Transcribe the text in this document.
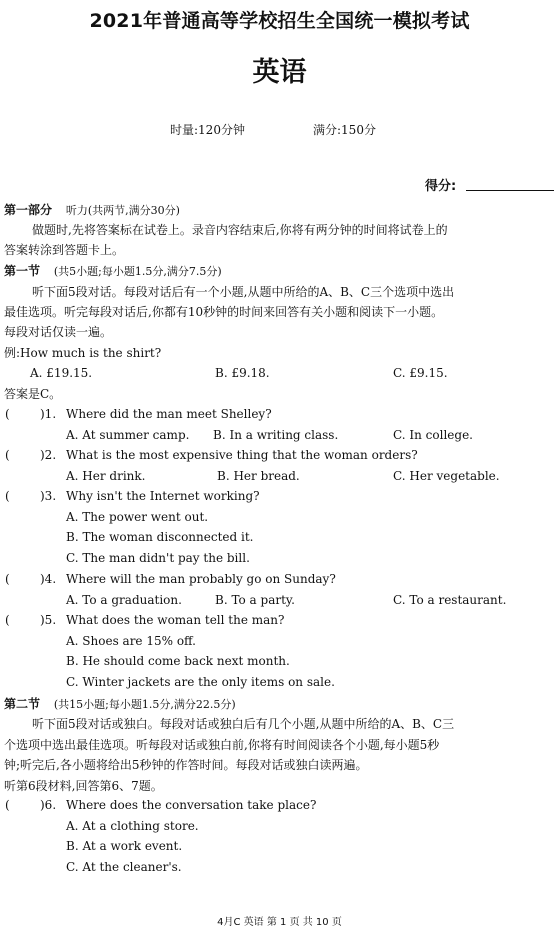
2021年普通高等学校招生全国统一模拟考试
英语
时量:120分钟	满分:150分
得分:
第一部分 听力(共两节,满分30分)
做题时,先将答案标在试卷上。录音内容结束后,你将有两分钟的时间将试卷上的
答案转涂到答题卡上。
第一节 (共5小题;每小题1.5分,满分7.5分)
听下面5段对话。每段对话后有一个小题,从题中所给的A、B、C三个选项中选出
最佳选项。听完每段对话后,你都有10秒钟的时间来回答有关小题和阅读下一小题。
每段对话仅读一遍。
例:How much is the shirt?
A. £19.15.	B. £9.18.	C. £9.15.
答案是C。
(	)1. Where did the man meet Shelley?
A. At summer camp. B. In a writing class.	C. In college.
(	)2. What is the most expensive thing that the woman orders?
A. Her drink.	B. Her bread.	C. Her vegetable.
(	)3. Why isn't the Internet working?
A. The power went out.
B. The woman disconnected it.
C. The man didn't pay the bill.
(	)4. Where will the man probably go on Sunday?
A. To a graduation.	B. To a party.	C. To a restaurant.
(	)5. What does the woman tell the man?
A. Shoes are 15% off.
B. He should come back next month.
C. Winter jackets are the only items on sale.
第二节 (共15小题;每小题1.5分,满分22.5分)
听下面5段对话或独白。每段对话或独白后有几个小题,从题中所给的A、B、C三
个选项中选出最佳选项。听每段对话或独白前,你将有时间阅读各个小题,每小题5秒
钟;听完后,各小题将给出5秒钟的作答时间。每段对话或独白读两遍。
听第6段材料,回答第6、7题。
(	)6. Where does the conversation take place?
A. At a clothing store.
B. At a work event.
C. At the cleaner's.
4月C 英语 第 1 页 共 10 页
